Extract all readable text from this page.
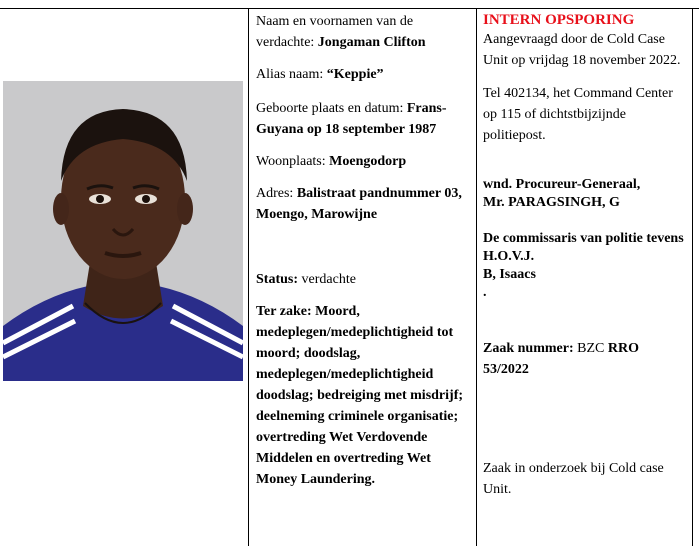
Naam en voornamen van de verdachte: Jongaman Clifton

Alias naam: “Keppie”

Geboorte plaats en datum: Frans-Guyana op 18 september 1987

Woonplaats: Moengodorp

Adres: Balistraat pandnummer 03, Moengo, Marowijne

Status: verdachte

Ter zake: Moord, medeplegen/medeplichtigheid tot moord; doodslag, medeplegen/medeplichtigheid doodslag; bedreiging met misdrijf; deelneming criminele organisatie; overtreding Wet Verdovende Middelen en overtreding Wet Money Laundering.

INTERN OPSPORING

Aangevraagd door de Cold Case Unit op vrijdag 18 november 2022.

Tel 402134, het Command Center op 115 of dichtstbijzijnde politiepost.

wnd. Procureur-Generaal,
Mr. PARAGSINGH, G

De commissaris van politie tevens H.O.V.J.
B, Isaacs
.

Zaak nummer: BZC RRO 53/2022

Zaak in onderzoek bij Cold case Unit.
